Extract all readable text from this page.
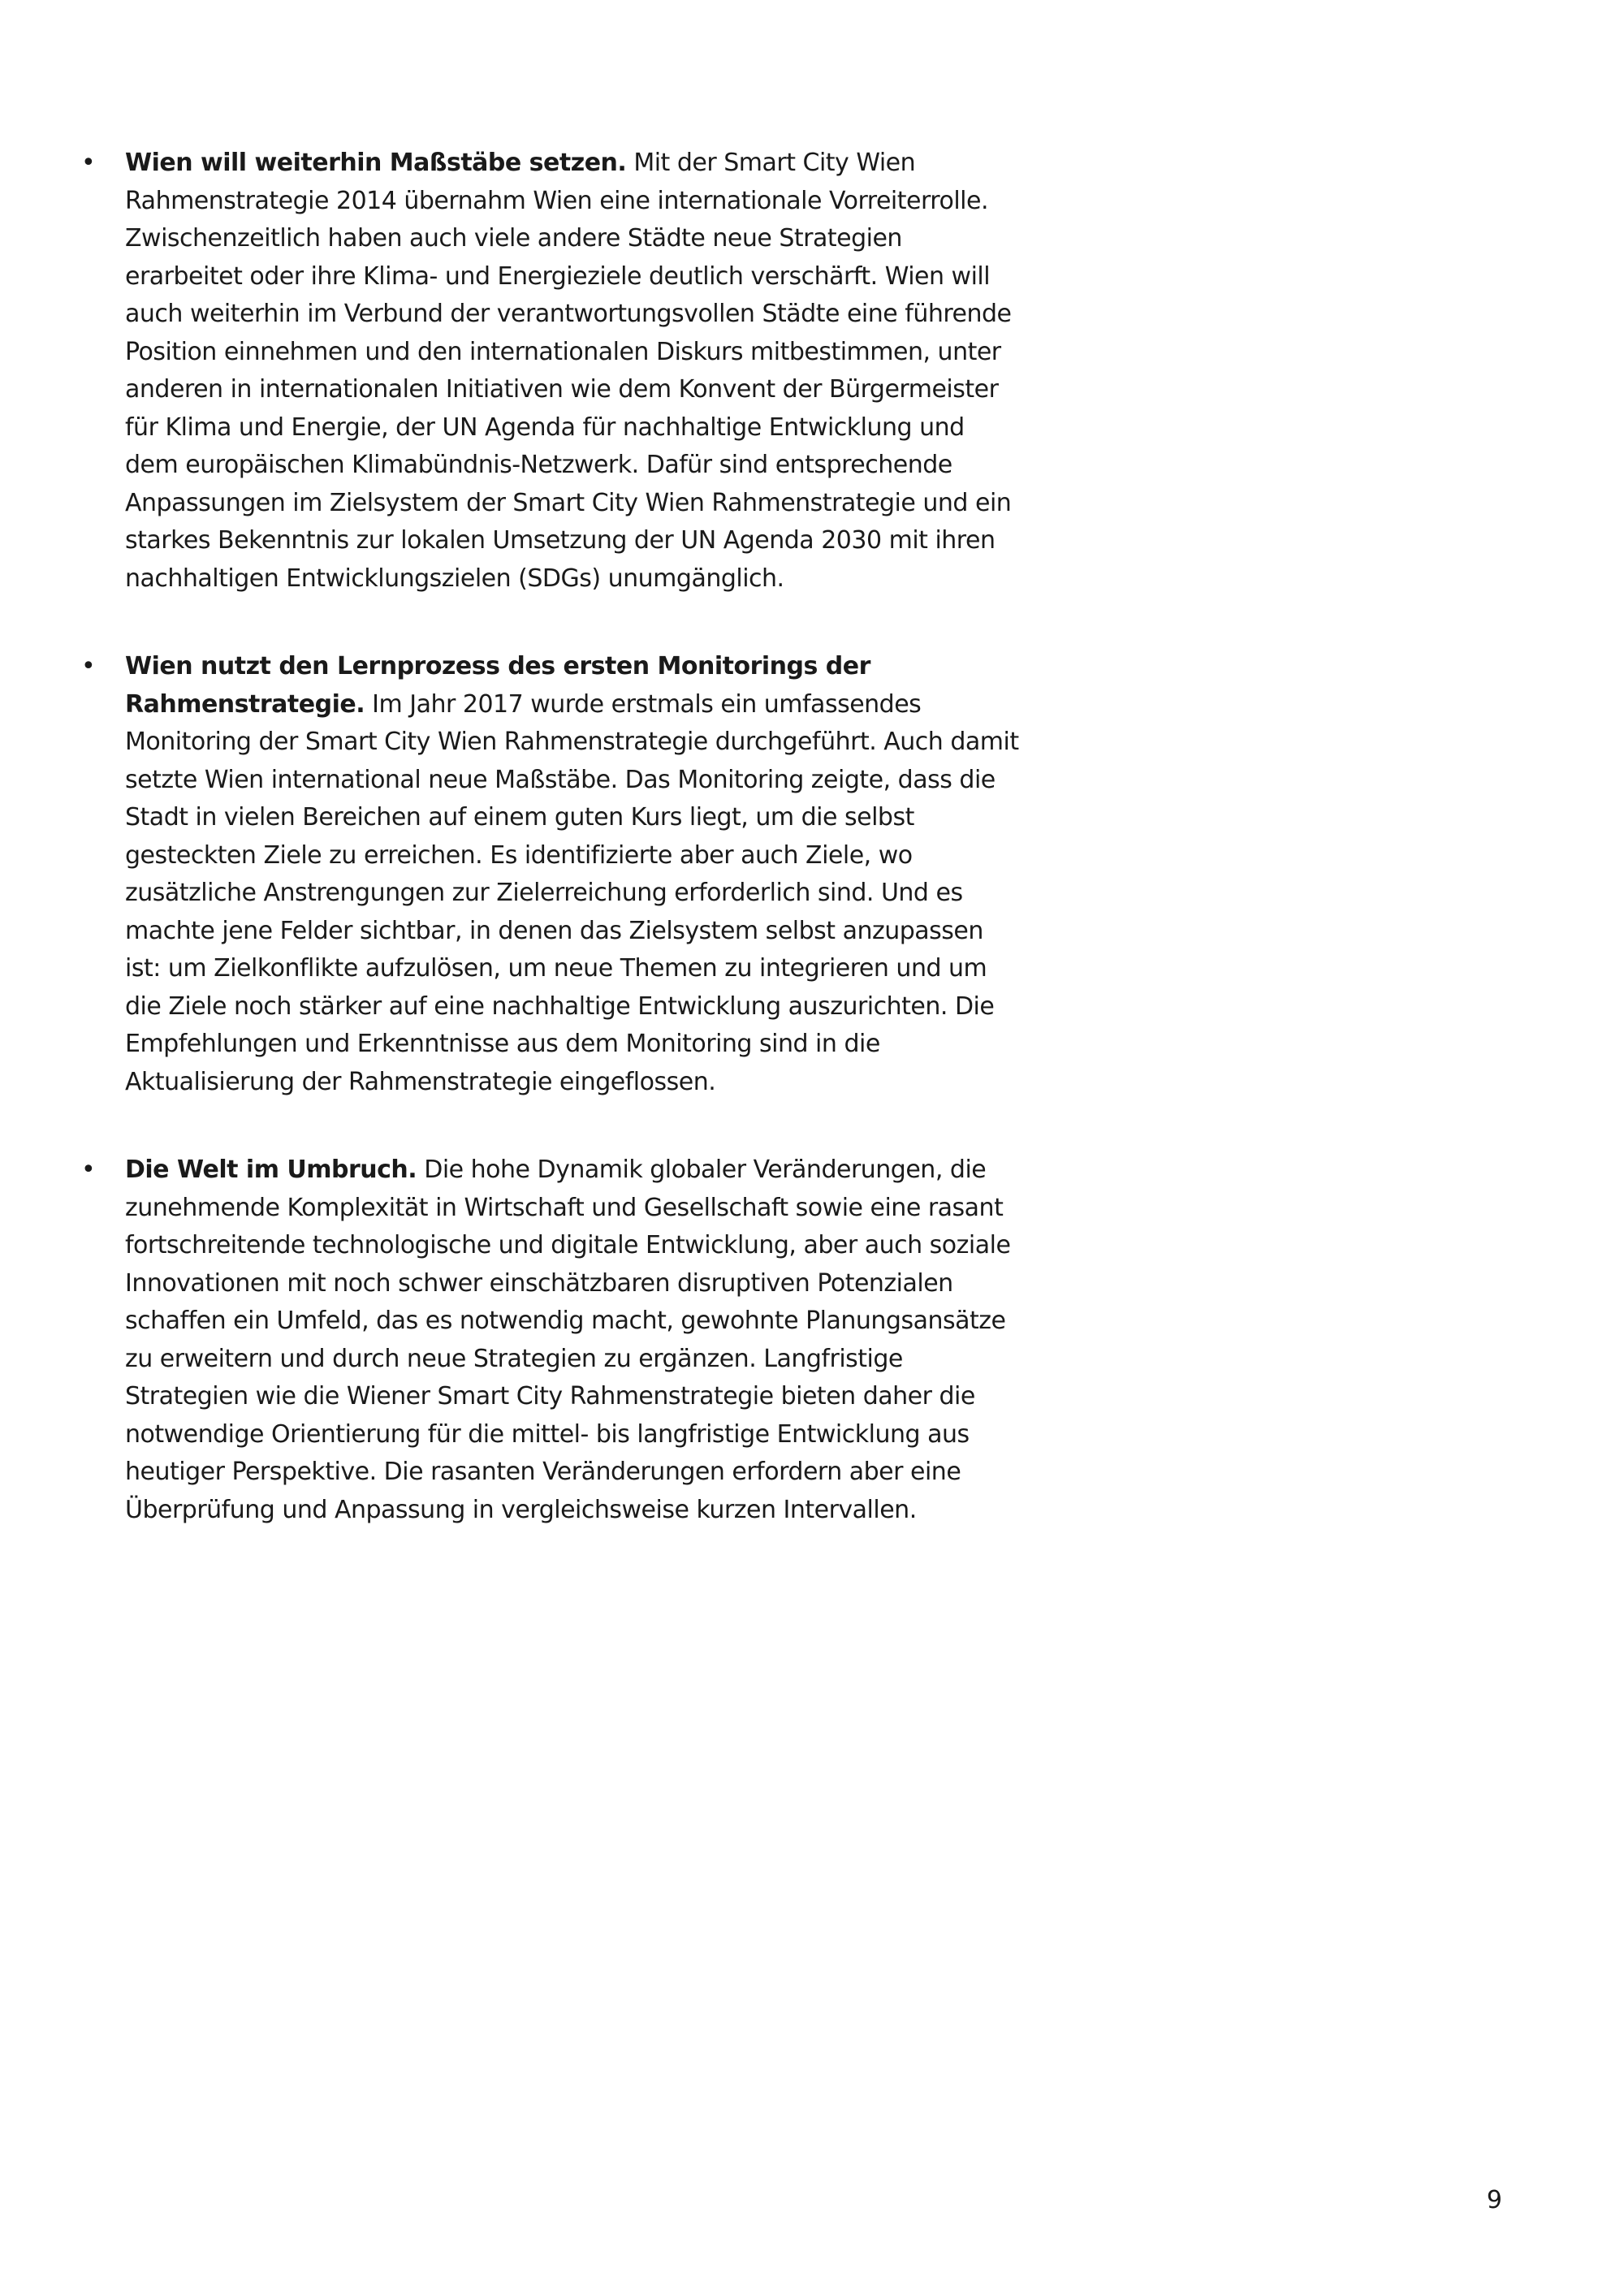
• Wien will weiterhin Maßstäbe setzen. Mit der Smart City Wien Rahmenstrategie 2014 übernahm Wien eine internationale Vorreiterrolle. Zwischenzeitlich haben auch viele andere Städte neue Strategien erarbeitet oder ihre Klima- und Energieziele deutlich verschärft. Wien will auch weiterhin im Verbund der verantwortungsvollen Städte eine führende Position einnehmen und den internationalen Diskurs mitbestimmen, unter anderen in internationalen Initiativen wie dem Konvent der Bürgermeister für Klima und Energie, der UN Agenda für nachhaltige Entwicklung und dem europäischen Klimabündnis-Netzwerk. Dafür sind entsprechende Anpassungen im Zielsystem der Smart City Wien Rahmenstrategie und ein starkes Bekenntnis zur lokalen Umsetzung der UN Agenda 2030 mit ihren nachhaltigen Entwicklungszielen (SDGs) unumgänglich.
• Wien nutzt den Lernprozess des ersten Monitorings der Rahmenstrategie. Im Jahr 2017 wurde erstmals ein umfassendes Monitoring der Smart City Wien Rahmenstrategie durchgeführt. Auch damit setzte Wien international neue Maßstäbe. Das Monitoring zeigte, dass die Stadt in vielen Bereichen auf einem guten Kurs liegt, um die selbst gesteckten Ziele zu erreichen. Es identifizierte aber auch Ziele, wo zusätzliche Anstrengungen zur Zielerreichung erforderlich sind. Und es machte jene Felder sichtbar, in denen das Zielsystem selbst anzupassen ist: um Zielkonflikte aufzulösen, um neue Themen zu integrieren und um die Ziele noch stärker auf eine nachhaltige Entwicklung auszurichten. Die Empfehlungen und Erkenntnisse aus dem Monitoring sind in die Aktualisierung der Rahmenstrategie eingeflossen.
• Die Welt im Umbruch. Die hohe Dynamik globaler Veränderungen, die zunehmende Komplexität in Wirtschaft und Gesellschaft sowie eine rasant fortschreitende technologische und digitale Entwicklung, aber auch soziale Innovationen mit noch schwer einschätzbaren disruptiven Potenzialen schaffen ein Umfeld, das es notwendig macht, gewohnte Planungsansätze zu erweitern und durch neue Strategien zu ergänzen. Langfristige Strategien wie die Wiener Smart City Rahmenstrategie bieten daher die notwendige Orientierung für die mittel- bis langfristige Entwicklung aus heutiger Perspektive. Die rasanten Veränderungen erfordern aber eine Überprüfung und Anpassung in vergleichsweise kurzen Intervallen.
9
